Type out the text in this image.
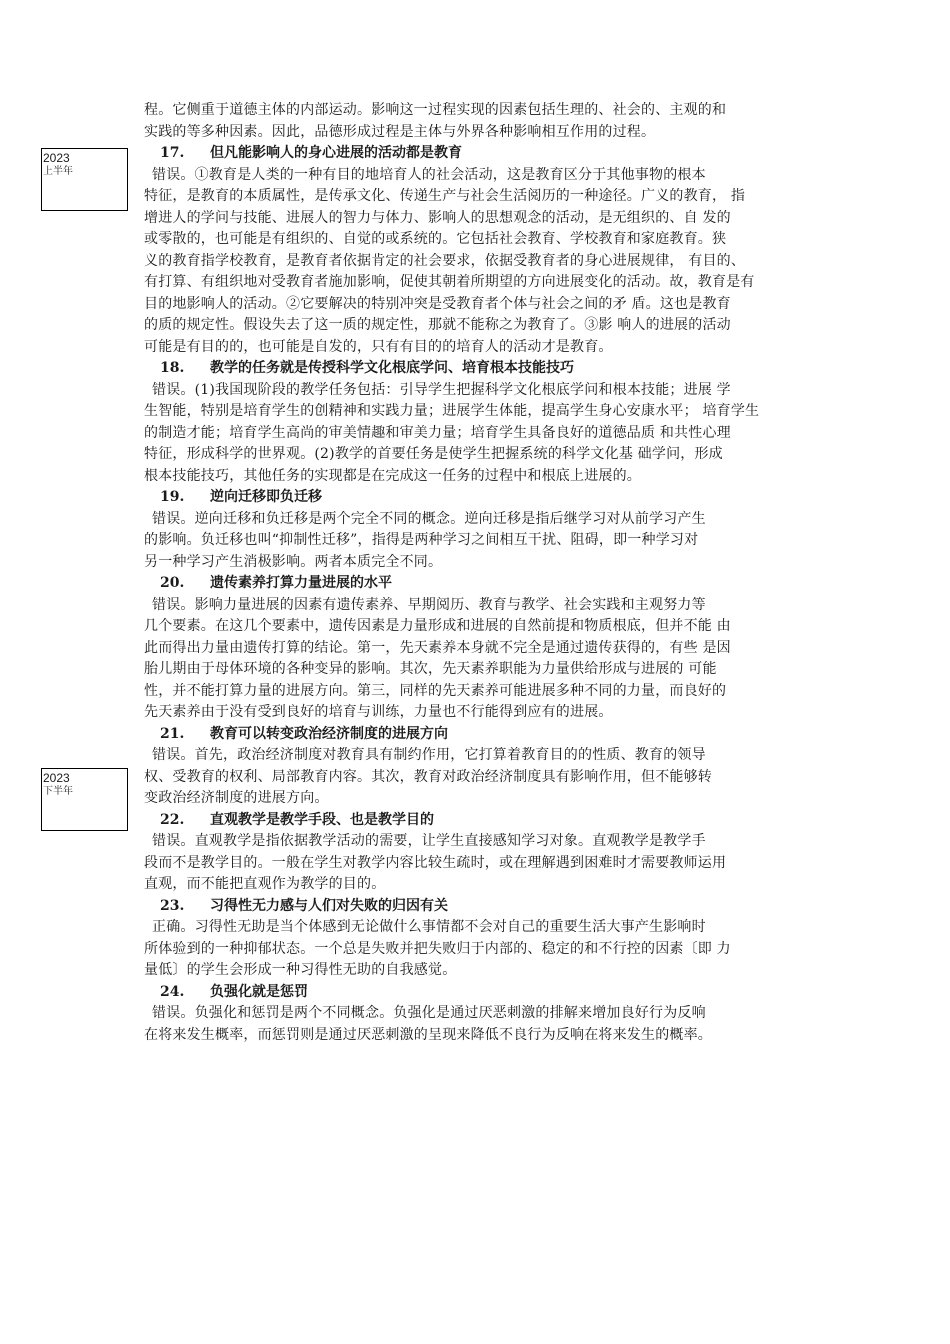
2023
上半年
2023
下半年
程。它侧重于道德主体的内部运动。影响这一过程实现的因素包括生理的、社会的、主观的和
实践的等多种因素。因此，品德形成过程是主体与外界各种影响相互作用的过程。
17. 但凡能影响人的身心进展的活动都是教育
错误。①教育是人类的一种有目的地培育人的社会活动，这是教育区分于其他事物的根本
特征，是教育的本质属性，是传承文化、传递生产与社会生活阅历的一种途径。广义的教育， 指
增进人的学问与技能、进展人的智力与体力、影响人的思想观念的活动，是无组织的、自 发的
或零散的，也可能是有组织的、自觉的或系统的。它包括社会教育、学校教育和家庭教育。狭
义的教育指学校教育，是教育者依据肯定的社会要求，依据受教育者的身心进展规律， 有目的、
有打算、有组织地对受教育者施加影响，促使其朝着所期望的方向进展变化的活动。故，教育是有
目的地影响人的活动。②它要解决的特别冲突是受教育者个体与社会之间的矛 盾。这也是教育
的质的规定性。假设失去了这一质的规定性，那就不能称之为教育了。③影 响人的进展的活动
可能是有目的的，也可能是自发的，只有有目的的培育人的活动才是教育。
18. 教学的任务就是传授科学文化根底学问、培育根本技能技巧
错误。(1)我国现阶段的教学任务包括：引导学生把握科学文化根底学问和根本技能；进展 学
生智能，特别是培育学生的创精神和实践力量；进展学生体能，提高学生身心安康水平； 培育学生
的制造才能；培育学生高尚的审美情趣和审美力量；培育学生具备良好的道德品质 和共性心理
特征，形成科学的世界观。(2)教学的首要任务是使学生把握系统的科学文化基 础学问，形成
根本技能技巧，其他任务的实现都是在完成这一任务的过程中和根底上进展的。
19. 逆向迁移即负迁移
错误。逆向迁移和负迁移是两个完全不同的概念。逆向迁移是指后继学习对从前学习产生
的影响。负迁移也叫“抑制性迁移”，指得是两种学习之间相互干扰、阻碍，即一种学习对
另一种学习产生消极影响。两者本质完全不同。
20. 遗传素养打算力量进展的水平
错误。影响力量进展的因素有遗传素养、早期阅历、教育与教学、社会实践和主观努力等
几个要素。在这几个要素中，遗传因素是力量形成和进展的自然前提和物质根底，但并不能 由
此而得出力量由遗传打算的结论。第一，先天素养本身就不完全是通过遗传获得的，有些 是因
胎儿期由于母体环境的各种变异的影响。其次，先天素养职能为力量供给形成与进展的 可能
性，并不能打算力量的进展方向。第三，同样的先天素养可能进展多种不同的力量，而良好的
先天素养由于没有受到良好的培育与训练，力量也不行能得到应有的进展。
21. 教育可以转变政治经济制度的进展方向
错误。首先，政治经济制度对教育具有制约作用，它打算着教育目的的性质、教育的领导
权、受教育的权利、局部教育内容。其次，教育对政治经济制度具有影响作用，但不能够转
变政治经济制度的进展方向。
22. 直观教学是教学手段、也是教学目的
错误。直观教学是指依据教学活动的需要，让学生直接感知学习对象。直观教学是教学手
段而不是教学目的。一般在学生对教学内容比较生疏时，或在理解遇到困难时才需要教师运用
直观，而不能把直观作为教学的目的。
23. 习得性无力感与人们对失败的归因有关
正确。习得性无助是当个体感到无论做什么事情都不会对自己的重要生活大事产生影响时
所体验到的一种抑郁状态。一个总是失败并把失败归于内部的、稳定的和不行控的因素〔即 力
量低〕的学生会形成一种习得性无助的自我感觉。
24. 负强化就是惩罚
错误。负强化和惩罚是两个不同概念。负强化是通过厌恶刺激的排解来增加良好行为反响
在将来发生概率，而惩罚则是通过厌恶刺激的呈现来降低不良行为反响在将来发生的概率。
